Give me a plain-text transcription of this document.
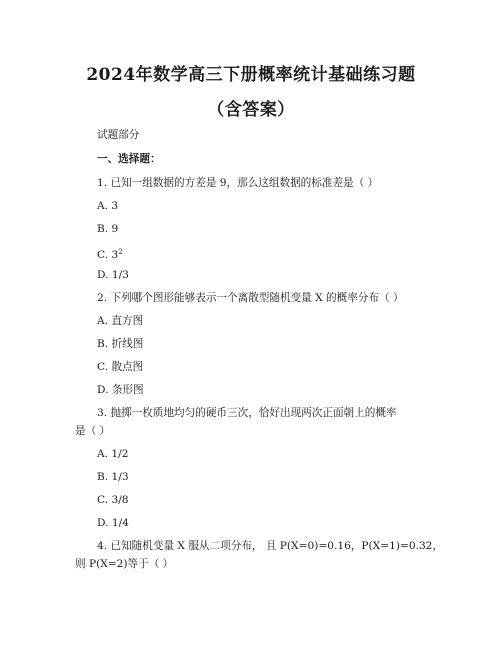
2024年数学高三下册概率统计基础练习题
（含答案）
试题部分
一、选择题：
1. 已知一组数据的方差是 9，那么这组数据的标准差是（ ）
A. 3
B. 9
C. $3^2$
D. 1/3
2. 下列哪个图形能够表示一个离散型随机变量 X 的概率分布（ ）
A. 直方图
B. 折线图
C. 散点图
D. 条形图
3. 抛掷一枚质地均匀的硬币三次，恰好出现两次正面朝上的概率
是（ ）
A. 1/2
B. 1/3
C. 3/8
D. 1/4
4. 已知随机变量 X 服从二项分布， 且 P(X=0)=0.16，P(X=1)=0.32，
则 P(X=2)等于（ ）
